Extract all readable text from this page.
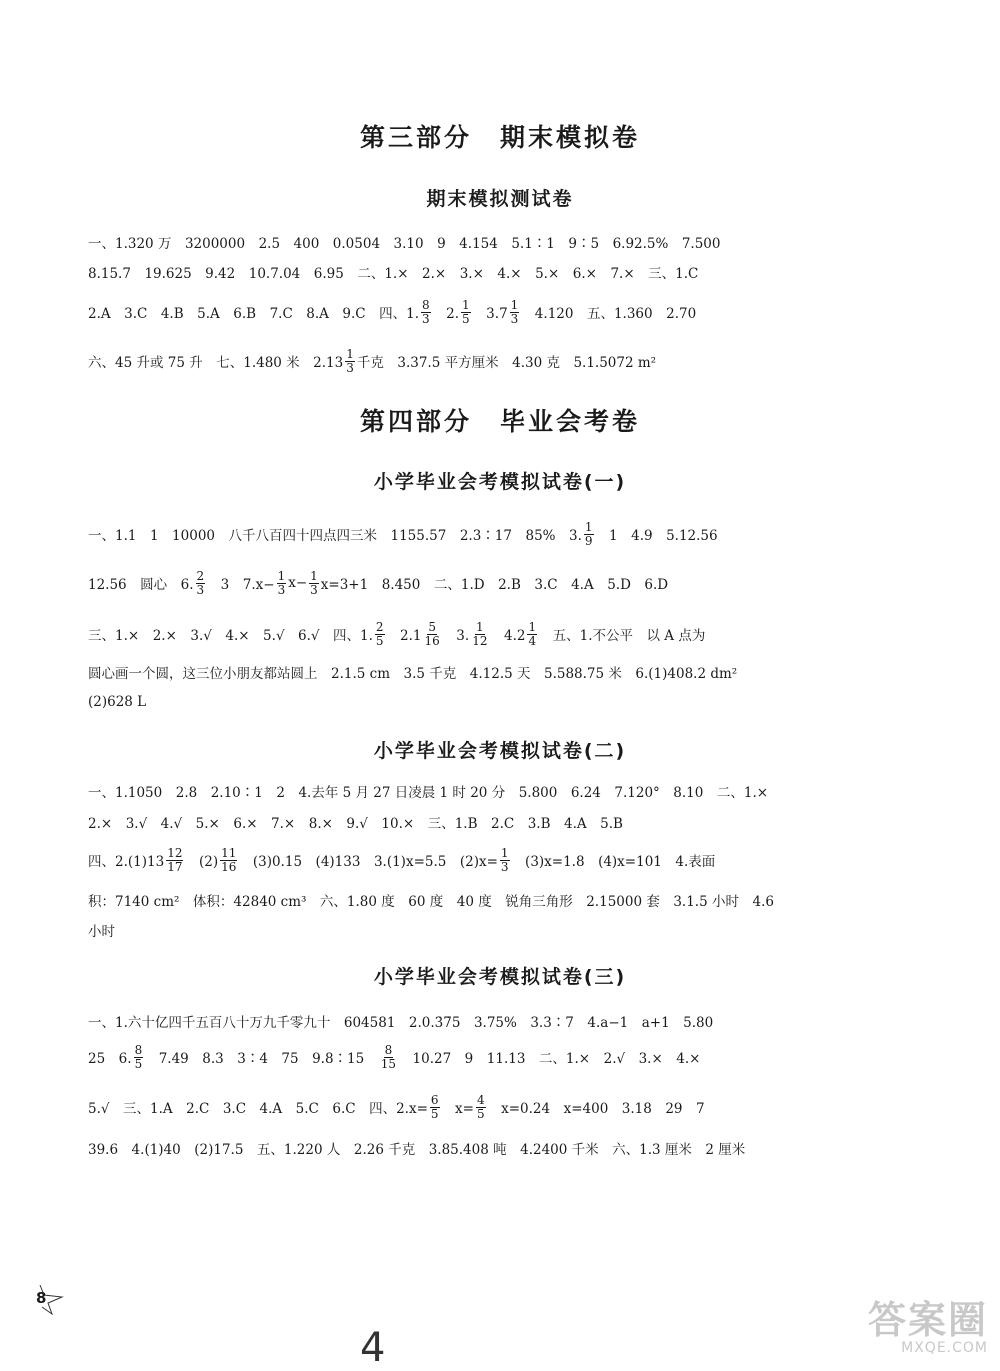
第三部分　期末模拟卷
期末模拟测试卷
一、1.320 万　3200000　2.5　400　0.0504　3.10　9　4.154　5.1∶1　9∶5　6.92.5%　7.500
8.15.7　19.625　9.42　10.7.04　6.95　二、1.×　2.×　3.×　4.×　5.×　6.×　7.×　三、1.C
2.A　3.C　4.B　5.A　6.B　7.C　8.A　9.C　四、1. $\frac{8}{3}$ 　2. $\frac{1}{5}$ 　$3.7 \frac{1}{3}$ 　4.120　五、1.360　2.70
六、45 升或 75 升　七、1.480 米　$2.13 \frac{1}{3}$ 千克　3.37.5 平方厘米　4.30 克　5.1.5072 m²
第四部分　毕业会考卷
小学毕业会考模拟试卷(一)
一、1.1　1　10000　八千八百四十四点四三米　1155.57　2.3∶17　85%　3. $\frac{1}{9}$ 　1　4.9　5.12.56
12.56　圆心　6. $\frac{2}{3}$ 　3　$7.x- \frac{1}{3} x- \frac{1}{3} x=3+1$　8.450　二、1.D　2.B　3.C　4.A　5.D　6.D
三、1.×　2.×　3.√　4.×　5.√　6.√　四、1. $\frac{2}{5}$ 　$2.1 \frac{5}{16}$ 　3. $\frac{1}{12}$ 　$4.2 \frac{1}{4}$ 　五、1.不公平　以 A 点为
圆心画一个圆，这三位小朋友都站圆上　2.1.5 cm　3.5 千克　4.12.5 天　5.588.75 米　6.(1)408.2 dm²
(2)628 L
小学毕业会考模拟试卷(二)
一、1.1050　2.8　2.10∶1　2　4.去年 5 月 27 日凌晨 1 时 20 分　5.800　6.24　7.120°　8.10　二、1.×
2.×　3.√　4.√　5.×　6.×　7.×　8.×　9.√　10.×　三、1.B　2.C　3.B　4.A　5.B
四、$2.(1)13 \frac{12}{17}$ 　$(2) \frac{11}{16}$ 　(3)0.15　(4)133　3.(1)x=5.5　$(2)x= \frac{1}{3}$ 　(3)x=1.8　(4)x=101　4.表面
积：7140 cm²　体积：42840 cm³　六、1.80 度　60 度　40 度　锐角三角形　2.15000 套　3.1.5 小时　4.6
小时
小学毕业会考模拟试卷(三)
一、1.六十亿四千五百八十万九千零九十　604581　2.0.3̇7̇5　3.75%　3.3∶7　4.a−1　a+1　5.80
25　6. $\frac{8}{5}$ 　7.49　8.3　3∶4　75　9.8∶15　 $\frac{8}{15}$ 　10.27　9　11.13　二、1.×　2.√　3.×　4.×
5.√　三、1.A　2.C　3.C　4.A　5.C　6.C　四、$2.x= \frac{6}{5}$ 　$x= \frac{4}{5}$ 　x=0.24　x=400　3.18　29　7
39.6　4.(1)40　(2)17.5　五、1.220 人　2.26 千克　3.85.408 吨　4.2400 千米　六、1.3 厘米　2 厘米
8
4
答案圈
MXQE.COM
